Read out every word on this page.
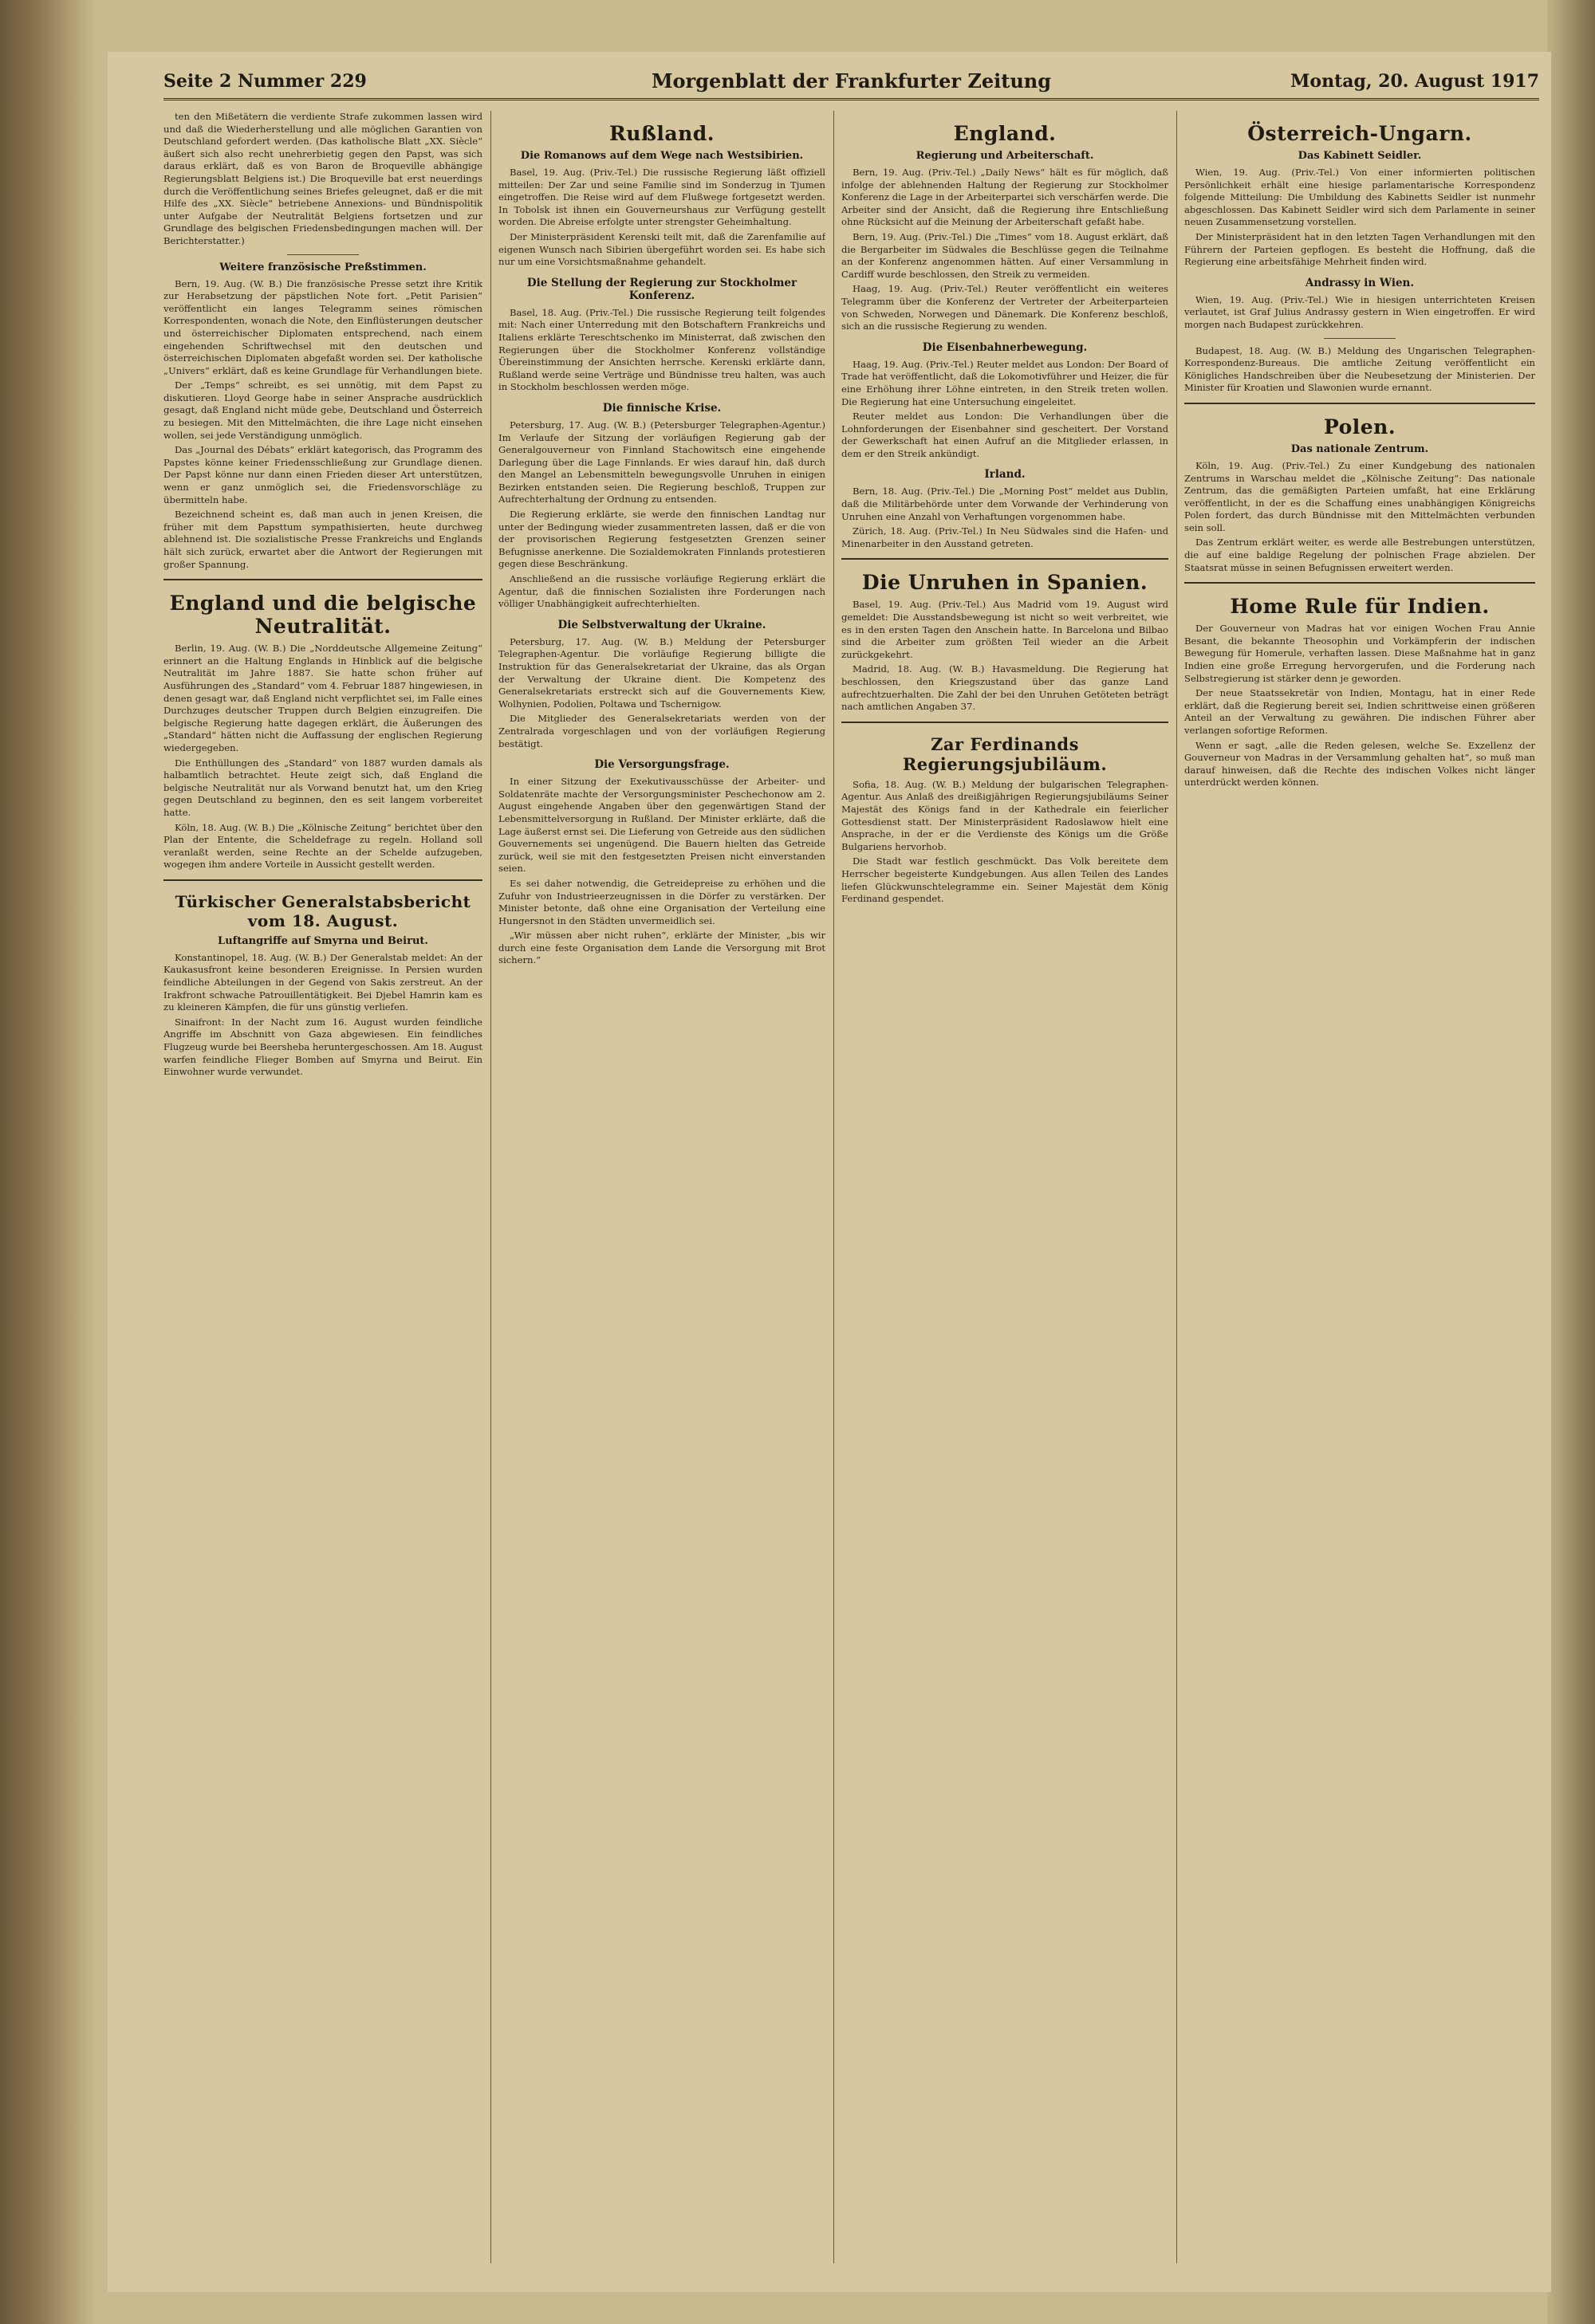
Seite 2 Nummer 229	Morgenblatt der Frankfurter Zeitung	Montag, 20. August 1917

ten den Mißetätern die verdiente Strafe zukommen lassen wird und daß die Wiederherstellung und alle möglichen Garantien von Deutschland gefordert werden. (Das katholische Blatt „XX. Siècle“ äußert sich also recht unehrerbietig gegen den Papst, was sich daraus erklärt, daß es von Baron de Broqueville abhängige Regierungsblatt Belgiens ist.) Die Broqueville bat erst neuerdings durch die Veröffentlichung seines Briefes geleugnet, daß er die mit Hilfe des „XX. Siècle“ betriebene Annexions- und Bündnispolitik unter Aufgabe der Neutralität Belgiens fortsetzen und zur Grundlage des belgischen Friedensbedingungen machen will. Der Berichterstatter.)

Weitere französische Preßstimmen.

Bern, 19. Aug. (W. B.) Die französische Presse setzt ihre Kritik zur Herabsetzung der päpstlichen Note fort. „Petit Parisien“ veröffentlicht ein langes Telegramm seines römischen Korrespondenten, wonach die Note, den Einflüsterungen deutscher und österreichischer Diplomaten entsprechend, nach einem eingehenden Schriftwechsel mit den deutschen und österreichischen Diplomaten abgefaßt worden sei. Der katholische „Univers“ erklärt, daß es keine Grundlage für Verhandlungen biete.

Der „Temps“ schreibt, es sei unnötig, mit dem Papst zu diskutieren. Lloyd George habe in seiner Ansprache ausdrücklich gesagt, daß England nicht müde gebe, Deutschland und Österreich zu besiegen. Mit den Mittelmächten, die ihre Lage nicht einsehen wollen, sei jede Verständigung unmöglich.

Das „Journal des Débats“ erklärt kategorisch, das Programm des Papstes könne keiner Friedensschließung zur Grundlage dienen. Der Papst könne nur dann einen Frieden dieser Art unterstützen, wenn er ganz unmöglich sei, die Friedensvorschläge zu übermitteln habe.

Bezeichnend scheint es, daß man auch in jenen Kreisen, die früher mit dem Papsttum sympathisierten, heute durchweg ablehnend ist. Die sozialistische Presse Frankreichs und Englands hält sich zurück, erwartet aber die Antwort der Regierungen mit großer Spannung.

England und die belgische Neutralität.

Berlin, 19. Aug. (W. B.) Die „Norddeutsche Allgemeine Zeitung“ erinnert an die Haltung Englands in Hinblick auf die belgische Neutralität im Jahre 1887. Sie hatte schon früher auf Ausführungen des „Standard“ vom 4. Februar 1887 hingewiesen, in denen gesagt war, daß England nicht verpflichtet sei, im Falle eines Durchzuges deutscher Truppen durch Belgien einzugreifen. Die belgische Regierung hatte dagegen erklärt, die Äußerungen des „Standard“ hätten nicht die Auffassung der englischen Regierung wiedergegeben.

Die Enthüllungen des „Standard“ von 1887 wurden damals als halbamtlich betrachtet. Heute zeigt sich, daß England die belgische Neutralität nur als Vorwand benutzt hat, um den Krieg gegen Deutschland zu beginnen, den es seit langem vorbereitet hatte.

Köln, 18. Aug. (W. B.) Die „Kölnische Zeitung“ berichtet über den Plan der Entente, die Scheldefrage zu regeln. Holland soll veranlaßt werden, seine Rechte an der Schelde aufzugeben, wogegen ihm andere Vorteile in Aussicht gestellt werden.

Türkischer Generalstabsbericht vom 18. August.
Luftangriffe auf Smyrna und Beirut.

Konstantinopel, 18. Aug. (W. B.) Der Generalstab meldet: An der Kaukasusfront keine besonderen Ereignisse. In Persien wurden feindliche Abteilungen in der Gegend von Sakis zerstreut. An der Irakfront schwache Patrouillentätigkeit. Bei Djebel Hamrin kam es zu kleineren Kämpfen, die für uns günstig verliefen.

Sinaifront: In der Nacht zum 16. August wurden feindliche Angriffe im Abschnitt von Gaza abgewiesen. Ein feindliches Flugzeug wurde bei Beersheba heruntergeschossen. Am 18. August warfen feindliche Flieger Bomben auf Smyrna und Beirut. Ein Einwohner wurde verwundet.

Rußland.
Die Romanows auf dem Wege nach Westsibirien.

Basel, 19. Aug. (Priv.-Tel.) Die russische Regierung läßt offiziell mitteilen: Der Zar und seine Familie sind im Sonderzug in Tjumen eingetroffen. Die Reise wird auf dem Flußwege fortgesetzt werden. In Tobolsk ist ihnen ein Gouverneurshaus zur Verfügung gestellt worden. Die Abreise erfolgte unter strengster Geheimhaltung.

Der Ministerpräsident Kerenski teilt mit, daß die Zarenfamilie auf eigenen Wunsch nach Sibirien übergeführt worden sei. Es habe sich nur um eine Vorsichtsmaßnahme gehandelt.

Die Stellung der Regierung zur Stockholmer Konferenz.

Basel, 18. Aug. (Priv.-Tel.) Die russische Regierung teilt folgendes mit: Nach einer Unterredung mit den Botschaftern Frankreichs und Italiens erklärte Tereschtschenko im Ministerrat, daß zwischen den Regierungen über die Stockholmer Konferenz vollständige Übereinstimmung der Ansichten herrsche. Kerenski erklärte dann, Rußland werde seine Verträge und Bündnisse treu halten, was auch in Stockholm beschlossen werden möge.

Die finnische Krise.

Petersburg, 17. Aug. (W. B.) (Petersburger Telegraphen-Agentur.) Im Verlaufe der Sitzung der vorläufigen Regierung gab der Generalgouverneur von Finnland Stachowitsch eine eingehende Darlegung über die Lage Finnlands. Er wies darauf hin, daß durch den Mangel an Lebensmitteln bewegungsvolle Unruhen in einigen Bezirken entstanden seien. Die Regierung beschloß, Truppen zur Aufrechterhaltung der Ordnung zu entsenden.

Die Regierung erklärte, sie werde den finnischen Landtag nur unter der Bedingung wieder zusammentreten lassen, daß er die von der provisorischen Regierung festgesetzten Grenzen seiner Befugnisse anerkenne. Die Sozialdemokraten Finnlands protestieren gegen diese Beschränkung.

Anschließend an die russische vorläufige Regierung erklärt die Agentur, daß die finnischen Sozialisten ihre Forderungen nach völliger Unabhängigkeit aufrechterhielten.

Die Selbstverwaltung der Ukraine.

Petersburg, 17. Aug. (W. B.) Meldung der Petersburger Telegraphen-Agentur. Die vorläufige Regierung billigte die Instruktion für das Generalsekretariat der Ukraine, das als Organ der Verwaltung der Ukraine dient. Die Kompetenz des Generalsekretariats erstreckt sich auf die Gouvernements Kiew, Wolhynien, Podolien, Poltawa und Tschernigow.

Die Mitglieder des Generalsekretariats werden von der Zentralrada vorgeschlagen und von der vorläufigen Regierung bestätigt.

Die Versorgungsfrage.

In einer Sitzung der Exekutivausschüsse der Arbeiter- und Soldatenräte machte der Versorgungsminister Peschechonow am 2. August eingehende Angaben über den gegenwärtigen Stand der Lebensmittelversorgung in Rußland. Der Minister erklärte, daß die Lage äußerst ernst sei. Die Lieferung von Getreide aus den südlichen Gouvernements sei ungenügend. Die Bauern hielten das Getreide zurück, weil sie mit den festgesetzten Preisen nicht einverstanden seien.

Es sei daher notwendig, die Getreidepreise zu erhöhen und die Zufuhr von Industrieerzeugnissen in die Dörfer zu verstärken. Der Minister betonte, daß ohne eine Organisation der Verteilung eine Hungersnot in den Städten unvermeidlich sei.

„Wir müssen aber nicht ruhen“, erklärte der Minister, „bis wir durch eine feste Organisation dem Lande die Versorgung mit Brot sichern.“

England.
Regierung und Arbeiterschaft.

Bern, 19. Aug. (Priv.-Tel.) „Daily News“ hält es für möglich, daß infolge der ablehnenden Haltung der Regierung zur Stockholmer Konferenz die Lage in der Arbeiterpartei sich verschärfen werde. Die Arbeiter sind der Ansicht, daß die Regierung ihre Entschließung ohne Rücksicht auf die Meinung der Arbeiterschaft gefaßt habe.

Bern, 19. Aug. (Priv.-Tel.) Die „Times“ vom 18. August erklärt, daß die Bergarbeiter im Südwales die Beschlüsse gegen die Teilnahme an der Konferenz angenommen hätten. Auf einer Versammlung in Cardiff wurde beschlossen, den Streik zu vermeiden.

Haag, 19. Aug. (Priv.-Tel.) Reuter veröffentlicht ein weiteres Telegramm über die Konferenz der Vertreter der Arbeiterparteien von Schweden, Norwegen und Dänemark. Die Konferenz beschloß, sich an die russische Regierung zu wenden.

Die Eisenbahnerbewegung.

Haag, 19. Aug. (Priv.-Tel.) Reuter meldet aus London: Der Board of Trade hat veröffentlicht, daß die Lokomotivführer und Heizer, die für eine Erhöhung ihrer Löhne eintreten, in den Streik treten wollen. Die Regierung hat eine Untersuchung eingeleitet.

Reuter meldet aus London: Die Verhandlungen über die Lohnforderungen der Eisenbahner sind gescheitert. Der Vorstand der Gewerkschaft hat einen Aufruf an die Mitglieder erlassen, in dem er den Streik ankündigt.

Irland.

Bern, 18. Aug. (Priv.-Tel.) Die „Morning Post“ meldet aus Dublin, daß die Militärbehörde unter dem Vorwande der Verhinderung von Unruhen eine Anzahl von Verhaftungen vorgenommen habe.

Zürich, 18. Aug. (Priv.-Tel.) In Neu Südwales sind die Hafen- und Minenarbeiter in den Ausstand getreten.

Die Unruhen in Spanien.

Basel, 19. Aug. (Priv.-Tel.) Aus Madrid vom 19. August wird gemeldet: Die Ausstandsbewegung ist nicht so weit verbreitet, wie es in den ersten Tagen den Anschein hatte. In Barcelona und Bilbao sind die Arbeiter zum größten Teil wieder an die Arbeit zurückgekehrt.

Madrid, 18. Aug. (W. B.) Havasmeldung. Die Regierung hat beschlossen, den Kriegszustand über das ganze Land aufrechtzuerhalten. Die Zahl der bei den Unruhen Getöteten beträgt nach amtlichen Angaben 37.

Zar Ferdinands Regierungsjubiläum.

Sofia, 18. Aug. (W. B.) Meldung der bulgarischen Telegraphen-Agentur. Aus Anlaß des dreißigjährigen Regierungsjubiläums Seiner Majestät des Königs fand in der Kathedrale ein feierlicher Gottesdienst statt. Der Ministerpräsident Radoslawow hielt eine Ansprache, in der er die Verdienste des Königs um die Größe Bulgariens hervorhob.

Die Stadt war festlich geschmückt. Das Volk bereitete dem Herrscher begeisterte Kundgebungen. Aus allen Teilen des Landes liefen Glückwunschtelegramme ein. Seiner Majestät dem König Ferdinand gespendet.

Österreich-Ungarn.
Das Kabinett Seidler.

Wien, 19. Aug. (Priv.-Tel.) Von einer informierten politischen Persönlichkeit erhält eine hiesige parlamentarische Korrespondenz folgende Mitteilung: Die Umbildung des Kabinetts Seidler ist nunmehr abgeschlossen. Das Kabinett Seidler wird sich dem Parlamente in seiner neuen Zusammensetzung vorstellen.

Der Ministerpräsident hat in den letzten Tagen Verhandlungen mit den Führern der Parteien gepflogen. Es besteht die Hoffnung, daß die Regierung eine arbeitsfähige Mehrheit finden wird.

Andrassy in Wien.

Wien, 19. Aug. (Priv.-Tel.) Wie in hiesigen unterrichteten Kreisen verlautet, ist Graf Julius Andrassy gestern in Wien eingetroffen. Er wird morgen nach Budapest zurückkehren.

Budapest, 18. Aug. (W. B.) Meldung des Ungarischen Telegraphen-Korrespondenz-Bureaus. Die amtliche Zeitung veröffentlicht ein Königliches Handschreiben über die Neubesetzung der Ministerien. Der Minister für Kroatien und Slawonien wurde ernannt.

Polen.
Das nationale Zentrum.

Köln, 19. Aug. (Priv.-Tel.) Zu einer Kundgebung des nationalen Zentrums in Warschau meldet die „Kölnische Zeitung“: Das nationale Zentrum, das die gemäßigten Parteien umfaßt, hat eine Erklärung veröffentlicht, in der es die Schaffung eines unabhängigen Königreichs Polen fordert, das durch Bündnisse mit den Mittelmächten verbunden sein soll.

Das Zentrum erklärt weiter, es werde alle Bestrebungen unterstützen, die auf eine baldige Regelung der polnischen Frage abzielen. Der Staatsrat müsse in seinen Befugnissen erweitert werden.

Home Rule für Indien.

Der Gouverneur von Madras hat vor einigen Wochen Frau Annie Besant, die bekannte Theosophin und Vorkämpferin der indischen Bewegung für Homerule, verhaften lassen. Diese Maßnahme hat in ganz Indien eine große Erregung hervorgerufen, und die Forderung nach Selbstregierung ist stärker denn je geworden.

Der neue Staatssekretär von Indien, Montagu, hat in einer Rede erklärt, daß die Regierung bereit sei, Indien schrittweise einen größeren Anteil an der Verwaltung zu gewähren. Die indischen Führer aber verlangen sofortige Reformen.

Wenn er sagt, „alle die Reden gelesen, welche Se. Exzellenz der Gouverneur von Madras in der Versammlung gehalten hat“, so muß man darauf hinweisen, daß die Rechte des indischen Volkes nicht länger unterdrückt werden können.
